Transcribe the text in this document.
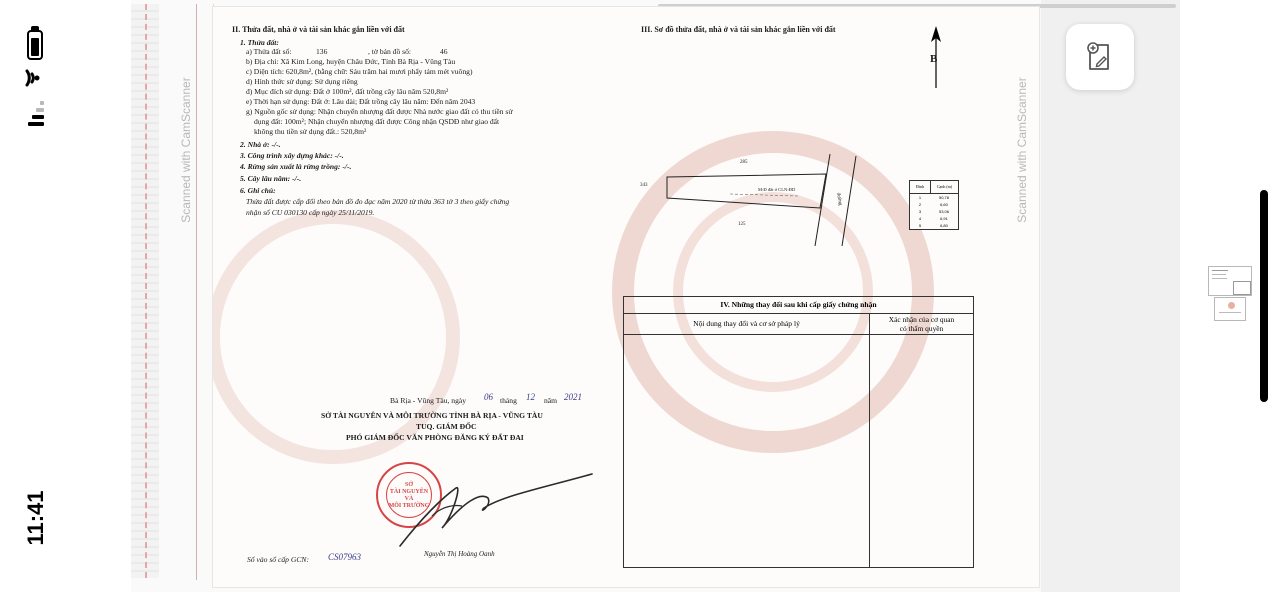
11:41
Scanned with CamScanner	Scanned with CamScanner
II. Thửa đất, nhà ở và tài sản khác gắn liền với đất
1. Thửa đất:
a) Thửa đất số:	136	, tờ bản đồ số:	46
b) Địa chỉ: Xã Kim Long, huyện Châu Đức, Tỉnh Bà Rịa - Vũng Tàu
c) Diện tích: 620,8m², (bằng chữ: Sáu trăm hai mươi phẩy tám mét vuông)
d) Hình thức sử dụng: Sử dụng riêng
đ) Mục đích sử dụng: Đất ở 100m², đất trồng cây lâu năm 520,8m²
e) Thời hạn sử dụng: Đất ở: Lâu dài; Đất trồng cây lâu năm: Đến năm 2043
g) Nguồn gốc sử dụng: Nhận chuyển nhượng đất được Nhà nước giao đất có thu tiền sử
dụng đất: 100m²; Nhận chuyển nhượng đất được Công nhận QSDĐ như giao đất
không thu tiền sử dụng đất.: 520,8m²
2. Nhà ở: -/-.
3. Công trình xây dựng khác: -/-.
4. Rừng sản xuất là rừng trồng: -/-.
5. Cây lâu năm: -/-.
6. Ghi chú:
Thửa đất được cấp đổi theo bản đồ đo đạc năm 2020 từ thửa 363 tờ 3 theo giấy chứng
nhận số CU 030130 cấp ngày 25/11/2019.
Bà Rịa - Vũng Tàu, ngày 06 tháng 12 năm 2021
SỞ TÀI NGUYÊN VÀ MÔI TRƯỜNG TỈNH BÀ RỊA - VŨNG TÀU
TUQ. GIÁM ĐỐC
PHÓ GIÁM ĐỐC VĂN PHÒNG ĐĂNG KÝ ĐẤT ĐAI
SỞ
TÀI NGUYÊN
VÀ
MÔI TRƯỜNG
Nguyễn Thị Hoàng Oanh
Số vào sổ cấp GCN: CS07963
III. Sơ đồ thửa đất, nhà ở và tài sản khác gắn liền với đất
B
285
125
343
M:Đ đất ở CLN:ĐD
đường
Đỉnh	Cạnh (m)
1	50,78
2	6,60
3	53,06
4	6,91
5	6,80
IV. Những thay đổi sau khi cấp giấy chứng nhận
Nội dung thay đổi và cơ sở pháp lý	Xác nhận của cơ quan
có thẩm quyền
